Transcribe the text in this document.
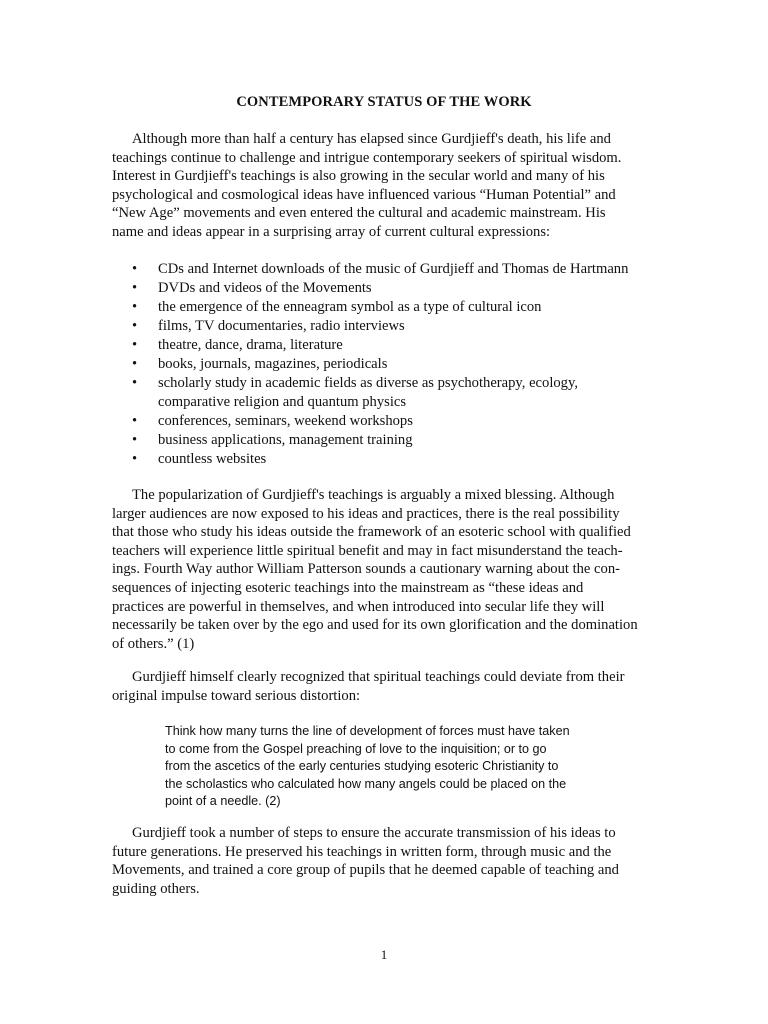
CONTEMPORARY STATUS OF THE WORK

Although more than half a century has elapsed since Gurdjieff's death, his life and
teachings continue to challenge and intrigue contemporary seekers of spiritual wisdom.
Interest in Gurdjieff's teachings is also growing in the secular world and many of his
psychological and cosmological ideas have influenced various “Human Potential” and
“New Age” movements and even entered the cultural and academic mainstream. His
name and ideas appear in a surprising array of current cultural expressions:

• CDs and Internet downloads of the music of Gurdjieff and Thomas de Hartmann
• DVDs and videos of the Movements
• the emergence of the enneagram symbol as a type of cultural icon
• films, TV documentaries, radio interviews
• theatre, dance, drama, literature
• books, journals, magazines, periodicals
• scholarly study in academic fields as diverse as psychotherapy, ecology,
comparative religion and quantum physics
• conferences, seminars, weekend workshops
• business applications, management training
• countless websites

The popularization of Gurdjieff's teachings is arguably a mixed blessing. Although
larger audiences are now exposed to his ideas and practices, there is the real possibility
that those who study his ideas outside the framework of an esoteric school with qualified
teachers will experience little spiritual benefit and may in fact misunderstand the teach-
ings. Fourth Way author William Patterson sounds a cautionary warning about the con-
sequences of injecting esoteric teachings into the mainstream as “these ideas and
practices are powerful in themselves, and when introduced into secular life they will
necessarily be taken over by the ego and used for its own glorification and the domination
of others.” (1)

Gurdjieff himself clearly recognized that spiritual teachings could deviate from their
original impulse toward serious distortion:

Think how many turns the line of development of forces must have taken
to come from the Gospel preaching of love to the inquisition; or to go
from the ascetics of the early centuries studying esoteric Christianity to
the scholastics who calculated how many angels could be placed on the
point of a needle. (2)

Gurdjieff took a number of steps to ensure the accurate transmission of his ideas to
future generations. He preserved his teachings in written form, through music and the
Movements, and trained a core group of pupils that he deemed capable of teaching and
guiding others.

1
